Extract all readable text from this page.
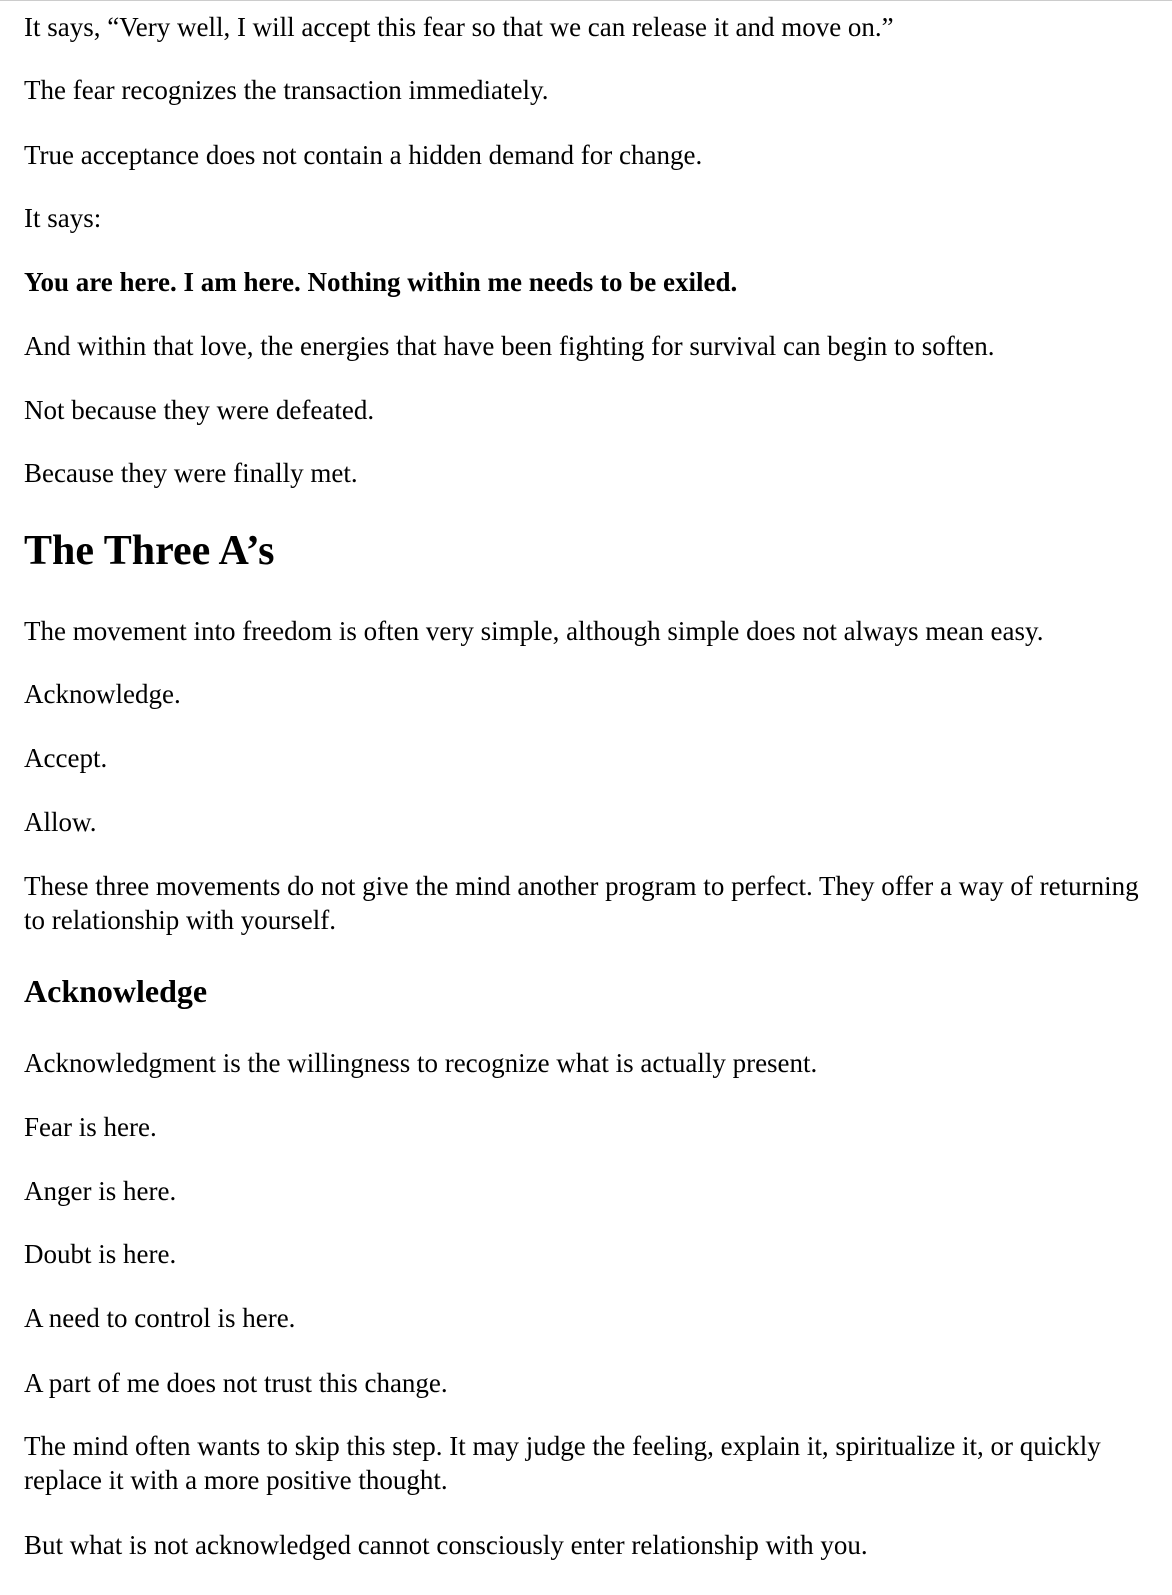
It says, “Very well, I will accept this fear so that we can release it and move on.”

The fear recognizes the transaction immediately.

True acceptance does not contain a hidden demand for change.

It says:

You are here. I am here. Nothing within me needs to be exiled.

And within that love, the energies that have been fighting for survival can begin to soften.

Not because they were defeated.

Because they were finally met.

The Three A’s

The movement into freedom is often very simple, although simple does not always mean easy.

Acknowledge.

Accept.

Allow.

These three movements do not give the mind another program to perfect. They offer a way of returning to relationship with yourself.

Acknowledge

Acknowledgment is the willingness to recognize what is actually present.

Fear is here.

Anger is here.

Doubt is here.

A need to control is here.

A part of me does not trust this change.

The mind often wants to skip this step. It may judge the feeling, explain it, spiritualize it, or quickly replace it with a more positive thought.

But what is not acknowledged cannot consciously enter relationship with you.
